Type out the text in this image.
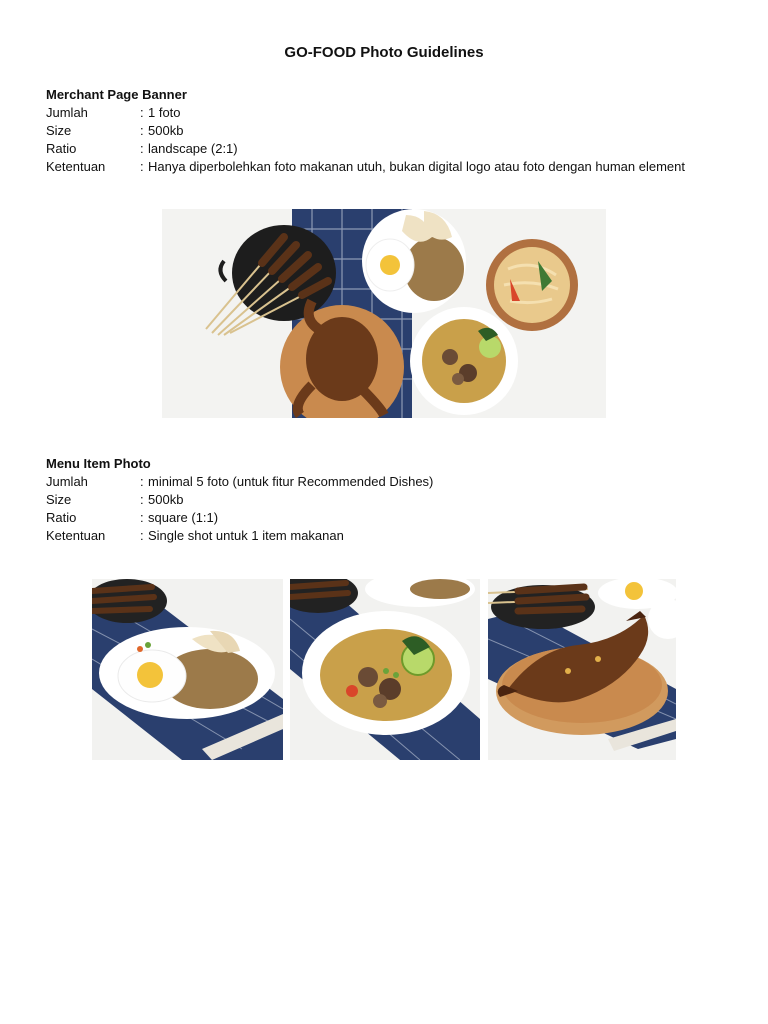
GO-FOOD Photo Guidelines
Merchant Page Banner
Jumlah	: 1 foto
Size	: 500kb
Ratio	: landscape (2:1)
Ketentuan	: Hanya diperbolehkan foto makanan utuh, bukan digital logo atau foto dengan human element
Menu Item Photo
Jumlah	: minimal 5 foto (untuk fitur Recommended Dishes)
Size	: 500kb
Ratio	: square (1:1)
Ketentuan	: Single shot untuk 1 item makanan
